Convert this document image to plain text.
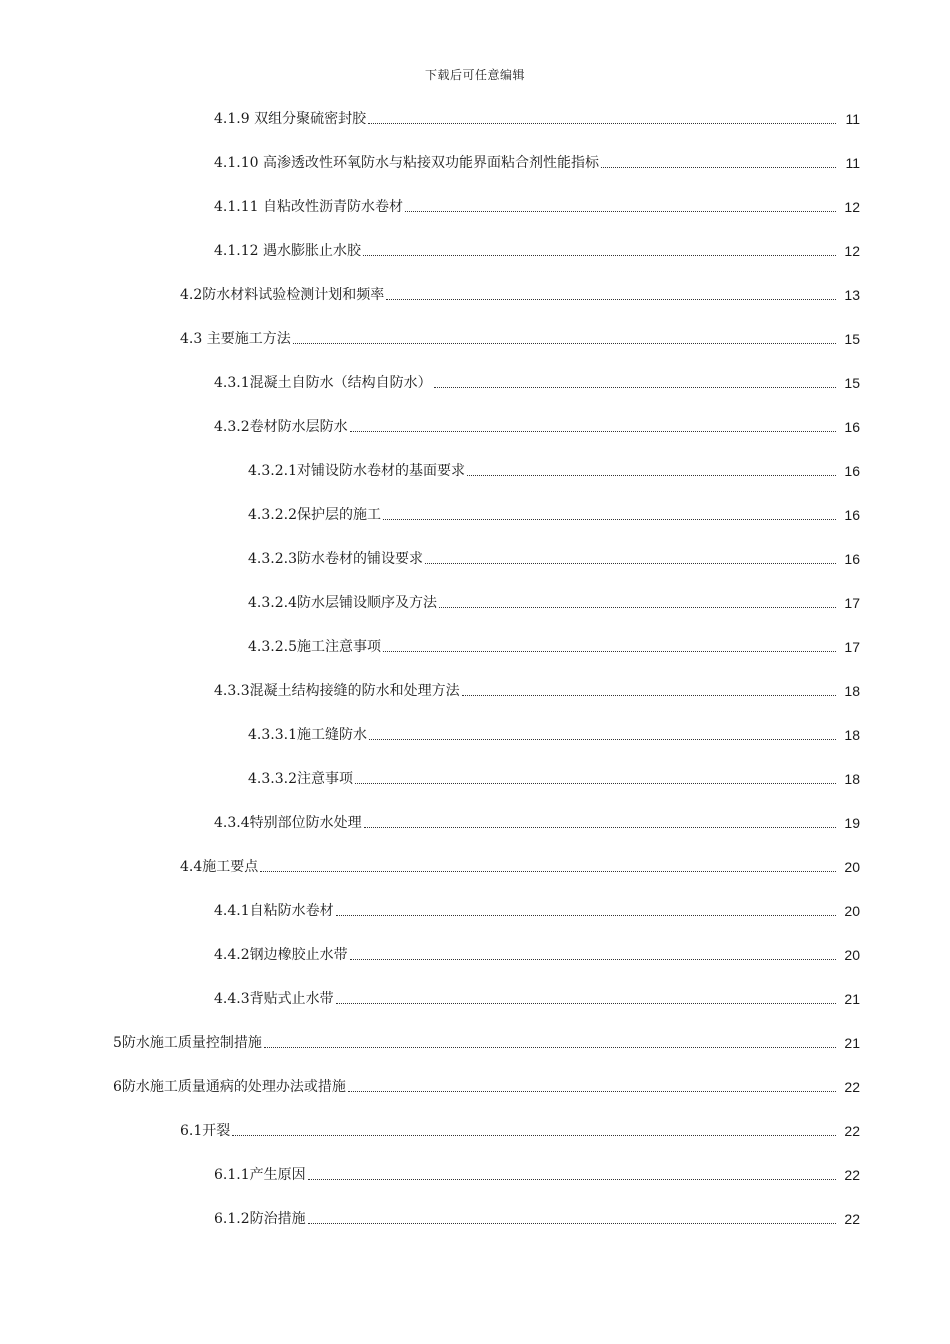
下载后可任意编辑
4.1.9 双组分聚硫密封胶	11
4.1.10 高渗透改性环氧防水与粘接双功能界面粘合剂性能指标	11
4.1.11 自粘改性沥青防水卷材	12
4.1.12 遇水膨胀止水胶	12
4.2防水材料试验检测计划和频率	13
4.3 主要施工方法	15
4.3.1混凝土自防水（结构自防水）	15
4.3.2卷材防水层防水	16
4.3.2.1对铺设防水卷材的基面要求	16
4.3.2.2保护层的施工	16
4.3.2.3防水卷材的铺设要求	16
4.3.2.4防水层铺设顺序及方法	17
4.3.2.5施工注意事项	17
4.3.3混凝土结构接缝的防水和处理方法	18
4.3.3.1施工缝防水	18
4.3.3.2注意事项	18
4.3.4特别部位防水处理	19
4.4施工要点	20
4.4.1自粘防水卷材	20
4.4.2钢边橡胶止水带	20
4.4.3背贴式止水带	21
5防水施工质量控制措施	21
6防水施工质量通病的处理办法或措施	22
6.1开裂	22
6.1.1产生原因	22
6.1.2防治措施	22
